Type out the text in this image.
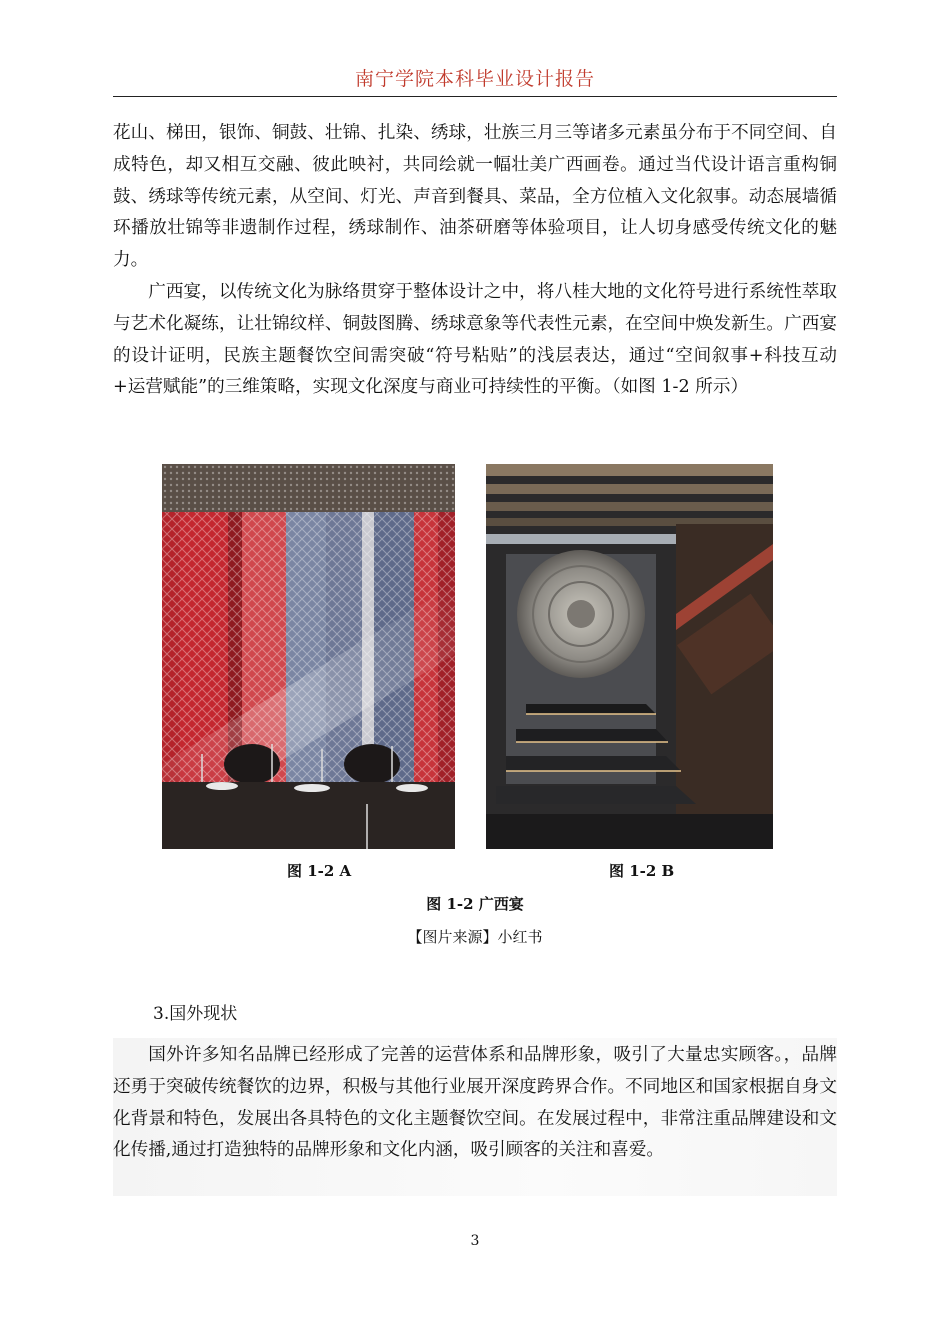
南宁学院本科毕业设计报告

花山、梯田，银饰、铜鼓、壮锦、扎染、绣球，壮族三月三等诸多元素虽分布于不同空间、自成特色，却又相互交融、彼此映衬，共同绘就一幅壮美广西画卷。通过当代设计语言重构铜鼓、绣球等传统元素，从空间、灯光、声音到餐具、菜品，全方位植入文化叙事。动态展墙循环播放壮锦等非遗制作过程，绣球制作、油茶研磨等体验项目，让人切身感受传统文化的魅力。

广西宴，以传统文化为脉络贯穿于整体设计之中，将八桂大地的文化符号进行系统性萃取与艺术化凝练，让壮锦纹样、铜鼓图腾、绣球意象等代表性元素，在空间中焕发新生。广西宴的设计证明，民族主题餐饮空间需突破“符号粘贴”的浅层表达，通过“空间叙事+科技互动+运营赋能”的三维策略，实现文化深度与商业可持续性的平衡。（如图 1-2 所示）

图 1-2 A	图 1-2 B
图 1-2 广西宴
【图片来源】小红书
3.国外现状

国外许多知名品牌已经形成了完善的运营体系和品牌形象，吸引了大量忠实顾客。，品牌还勇于突破传统餐饮的边界，积极与其他行业展开深度跨界合作。不同地区和国家根据自身文化背景和特色，发展出各具特色的文化主题餐饮空间。在发展过程中，非常注重品牌建设和文化传播,通过打造独特的品牌形象和文化内涵，吸引顾客的关注和喜爱。

3
